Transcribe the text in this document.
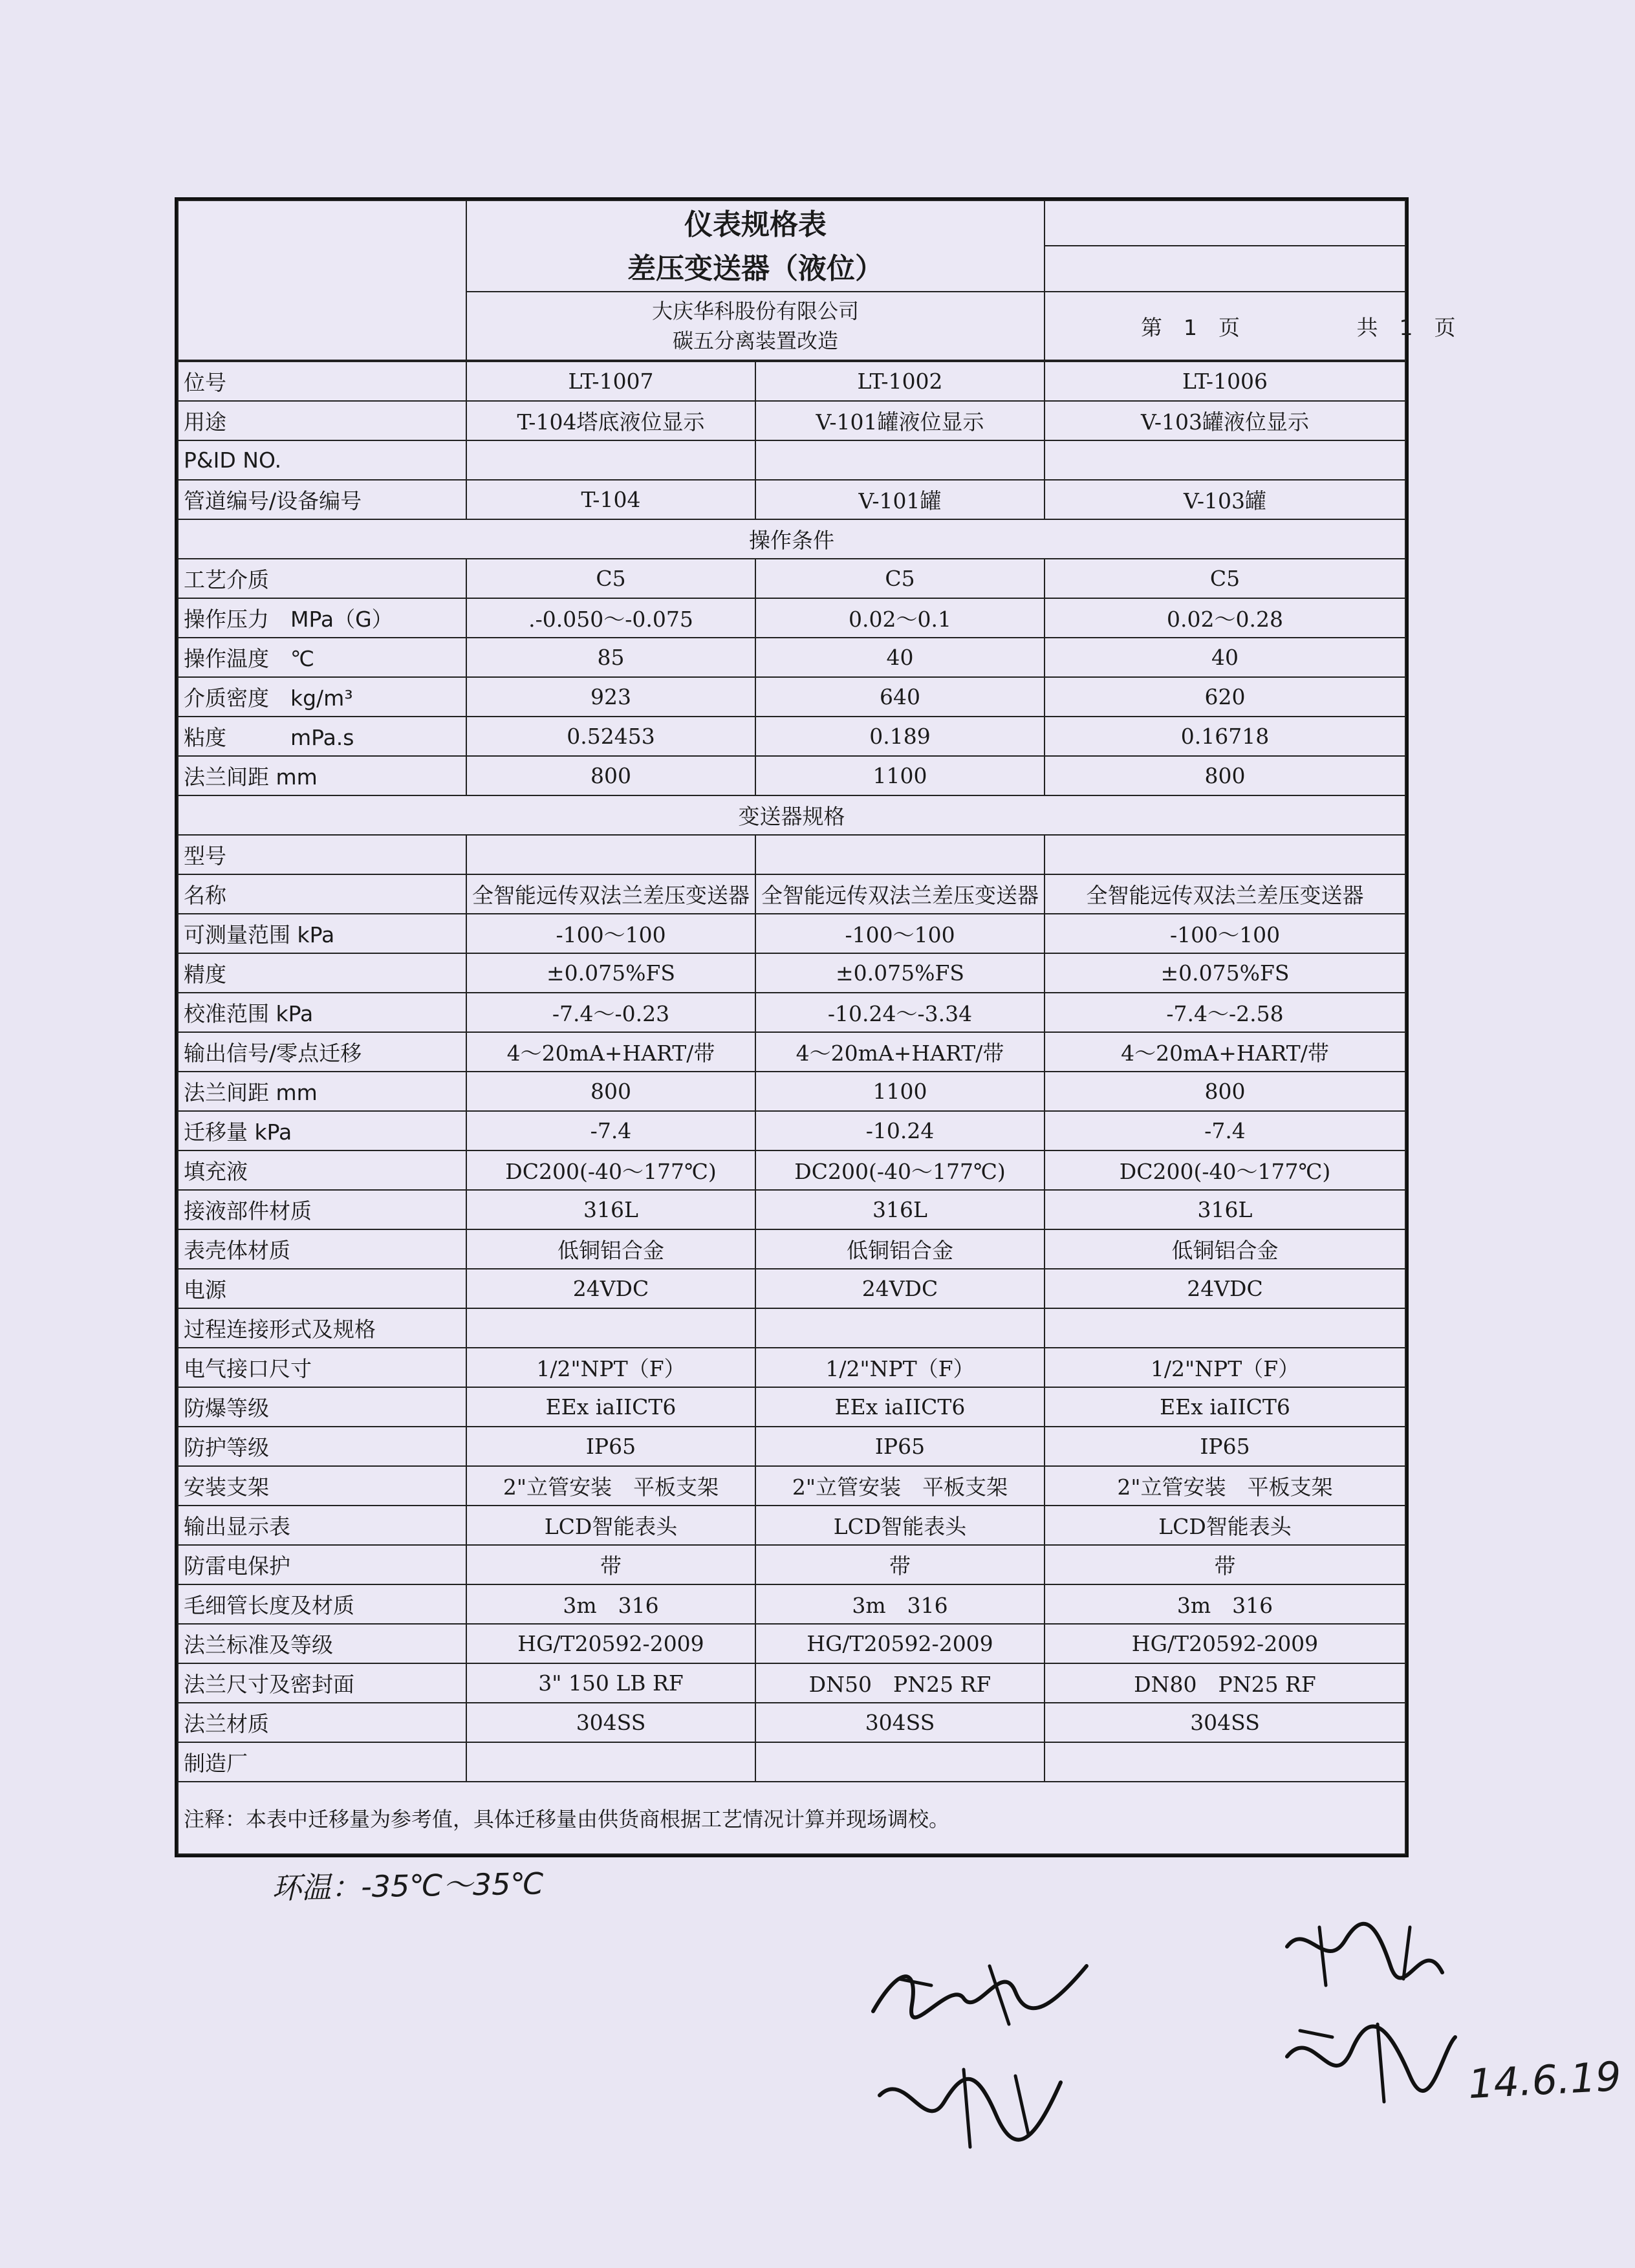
	仪表规格表
差压变送器（液位）	

	大庆华科股份有限公司
碳五分离装置改造	第　1　页 共　1　页
位号	LT-1007	LT-1002	LT-1006
用途	T-104塔底液位显示	V-101罐液位显示	V-103罐液位显示
P&ID NO.			
管道编号/设备编号	T-104	V-101罐	V-103罐
操作条件			
工艺介质	C5	C5	C5
操作压力　MPa（G）	.-0.050～-0.075	0.02～0.1	0.02～0.28
操作温度　℃	85	40	40
介质密度　kg/m³	923	640	620
粘度　　　mPa.s	0.52453	0.189	0.16718
法兰间距 mm	800	1100	800
变送器规格			
型号			
名称	全智能远传双法兰差压变送器	全智能远传双法兰差压变送器	全智能远传双法兰差压变送器
可测量范围 kPa	-100～100	-100～100	-100～100
精度	±0.075%FS	±0.075%FS	±0.075%FS
校准范围 kPa	-7.4～-0.23	-10.24～-3.34	-7.4～-2.58
输出信号/零点迁移	4～20mA+HART/带	4～20mA+HART/带	4～20mA+HART/带
法兰间距 mm	800	1100	800
迁移量 kPa	-7.4	-10.24	-7.4
填充液	DC200(-40～177℃)	DC200(-40～177℃)	DC200(-40～177℃)
接液部件材质	316L	316L	316L
表壳体材质	低铜铝合金	低铜铝合金	低铜铝合金
电源	24VDC	24VDC	24VDC
过程连接形式及规格			
电气接口尺寸	1/2"NPT（F）	1/2"NPT（F）	1/2"NPT（F）
防爆等级	EEx iaIICT6	EEx iaIICT6	EEx iaIICT6
防护等级	IP65	IP65	IP65
安装支架	2"立管安装　平板支架	2"立管安装　平板支架	2"立管安装　平板支架
输出显示表	LCD智能表头	LCD智能表头	LCD智能表头
防雷电保护	带	带	带
毛细管长度及材质	3m　316	3m　316	3m　316
法兰标准及等级	HG/T20592-2009	HG/T20592-2009	HG/T20592-2009
法兰尺寸及密封面	3" 150 LB RF	DN50　PN25 RF	DN80　PN25 RF
法兰材质	304SS	304SS	304SS
制造厂			
注释：本表中迁移量为参考值，具体迁移量由供货商根据工艺情况计算并现场调校。			
环温：-35℃～35℃
14.6.19
